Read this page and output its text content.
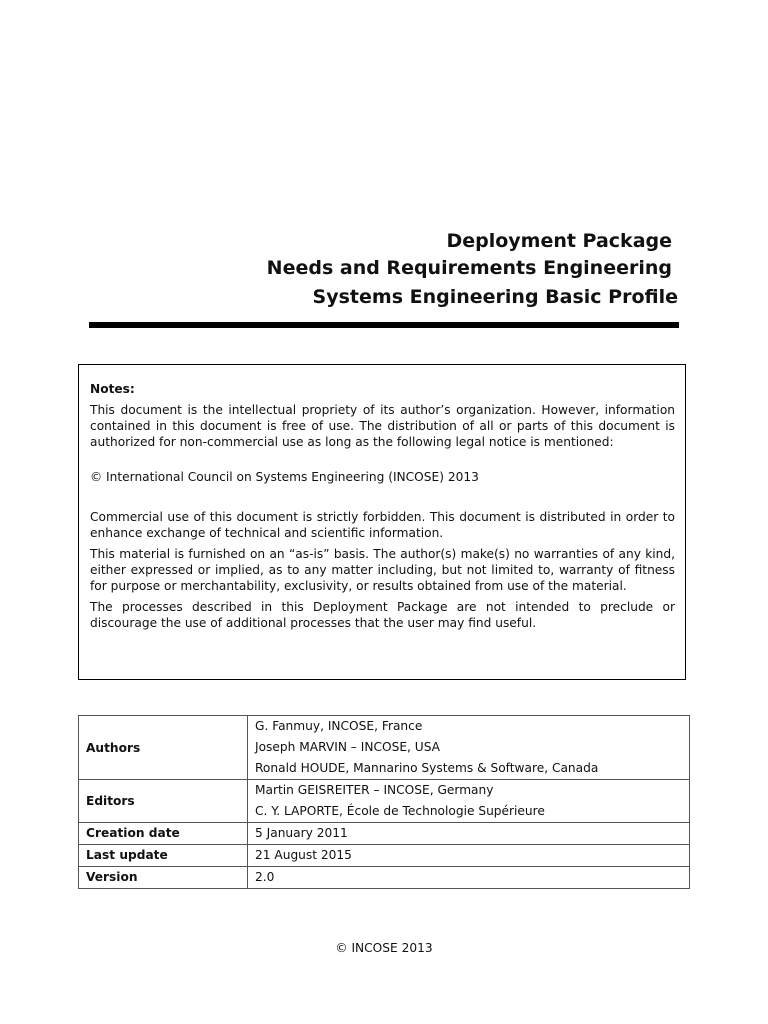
Deployment Package
Needs and Requirements Engineering
Systems Engineering Basic Profile
Notes:

This document is the intellectual propriety of its author’s organization. However, information contained in this document is free of use. The distribution of all or parts of this document is authorized for non-commercial use as long as the following legal notice is mentioned:

© International Council on Systems Engineering (INCOSE) 2013

Commercial use of this document is strictly forbidden. This document is distributed in order to enhance exchange of technical and scientific information.

This material is furnished on an “as-is” basis. The author(s) make(s) no warranties of any kind, either expressed or implied, as to any matter including, but not limited to, warranty of fitness for purpose or merchantability, exclusivity, or results obtained from use of the material.

The processes described in this Deployment Package are not intended to preclude or discourage the use of additional processes that the user may find useful.

Authors	G. Fanmuy, INCOSE, France
Joseph MARVIN – INCOSE, USA
Ronald HOUDE, Mannarino Systems & Software, Canada

Editors	Martin GEISREITER – INCOSE, Germany
C. Y. LAPORTE, École de Technologie Supérieure

Creation date	5 January 2011
Last update	21 August 2015
Version	2.0
© INCOSE 2013
